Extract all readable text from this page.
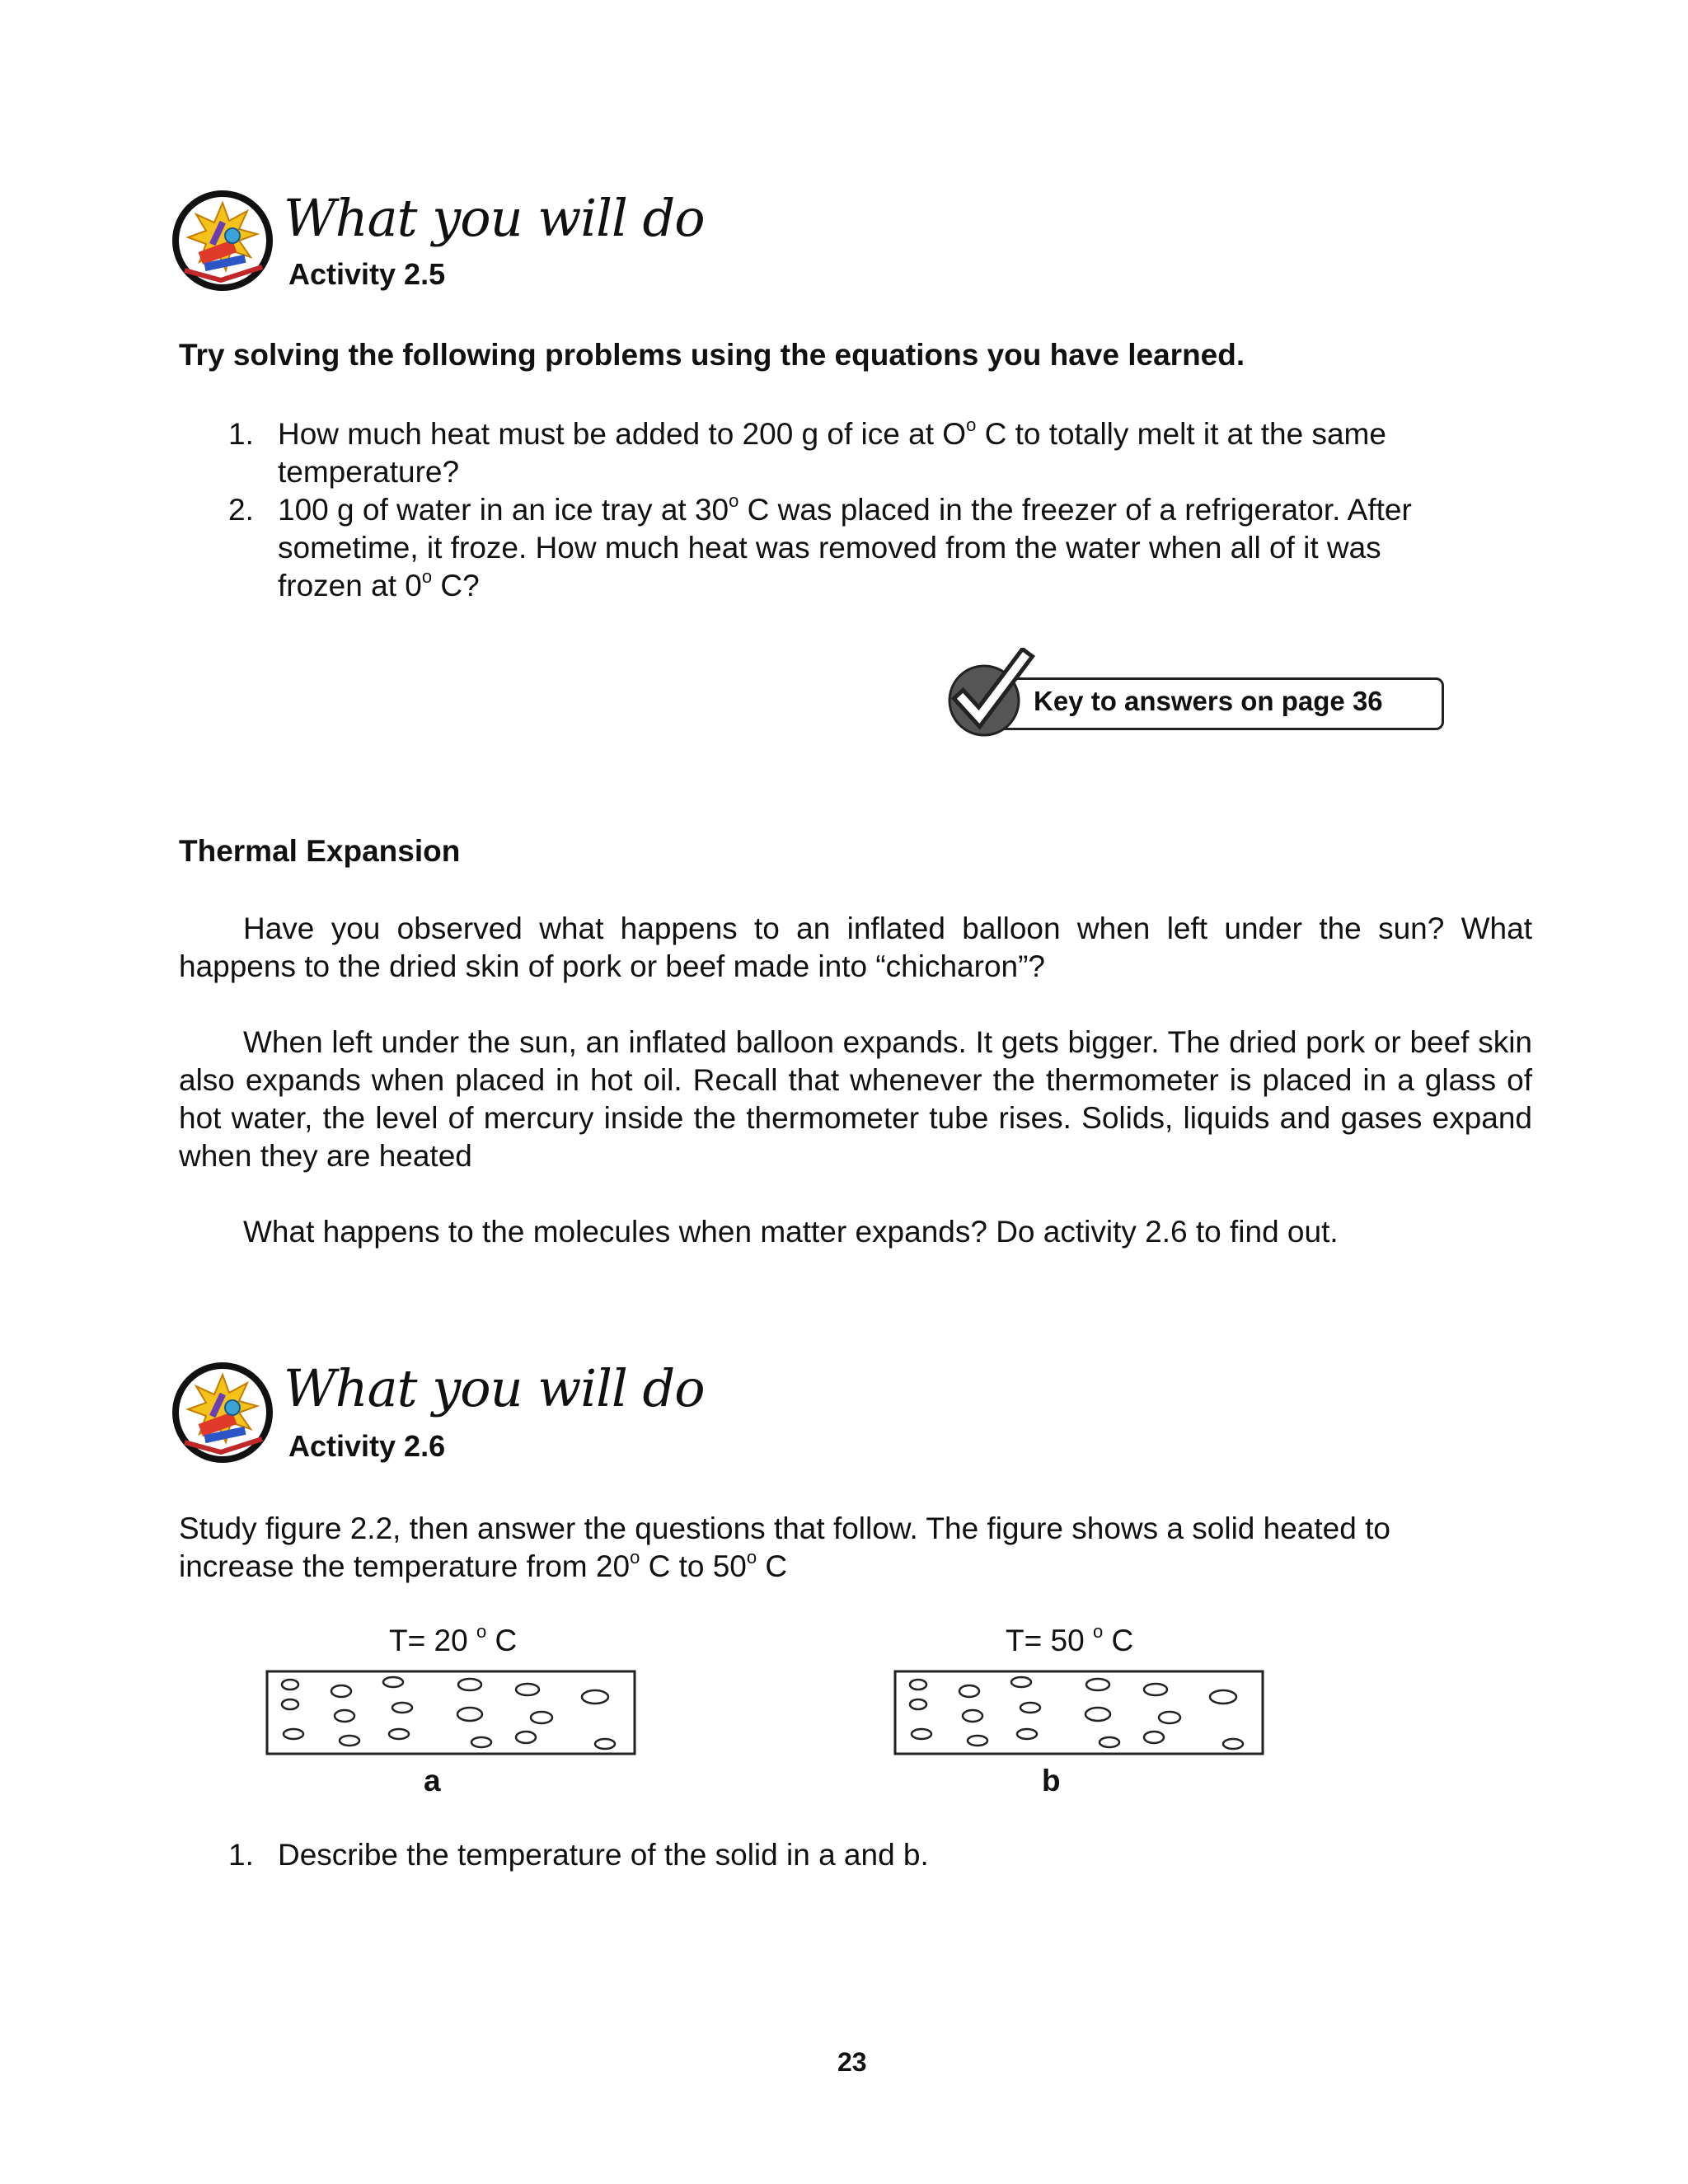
What you will do
Activity 2.5
Try solving the following problems using the equations you have learned.
1. How much heat must be added to 200 g of ice at $O^o$ C to totally melt it at the same
temperature?
2. 100 g of water in an ice tray at 30$^o$ C was placed in the freezer of a refrigerator. After
sometime, it froze. How much heat was removed from the water when all of it was
frozen at 0$^o$ C?
Key to answers on page 36
Thermal Expansion

Have you observed what happens to an inflated balloon when left under the sun? What happens to the dried skin of pork or beef made into “chicharon”?

When left under the sun, an inflated balloon expands. It gets bigger. The dried pork or beef skin also expands when placed in hot oil. Recall that whenever the thermometer is placed in a glass of hot water, the level of mercury inside the thermometer tube rises. Solids, liquids and gases expand when they are heated

What happens to the molecules when matter expands? Do activity 2.6 to find out.

What you will do
Activity 2.6
Study figure 2.2, then answer the questions that follow. The figure shows a solid heated to
increase the temperature from 20$^o$ C to 50$^o$ C
T= 20 $^o$ C	T= 50 $^o$ C
a	b
1. Describe the temperature of the solid in a and b.
23
